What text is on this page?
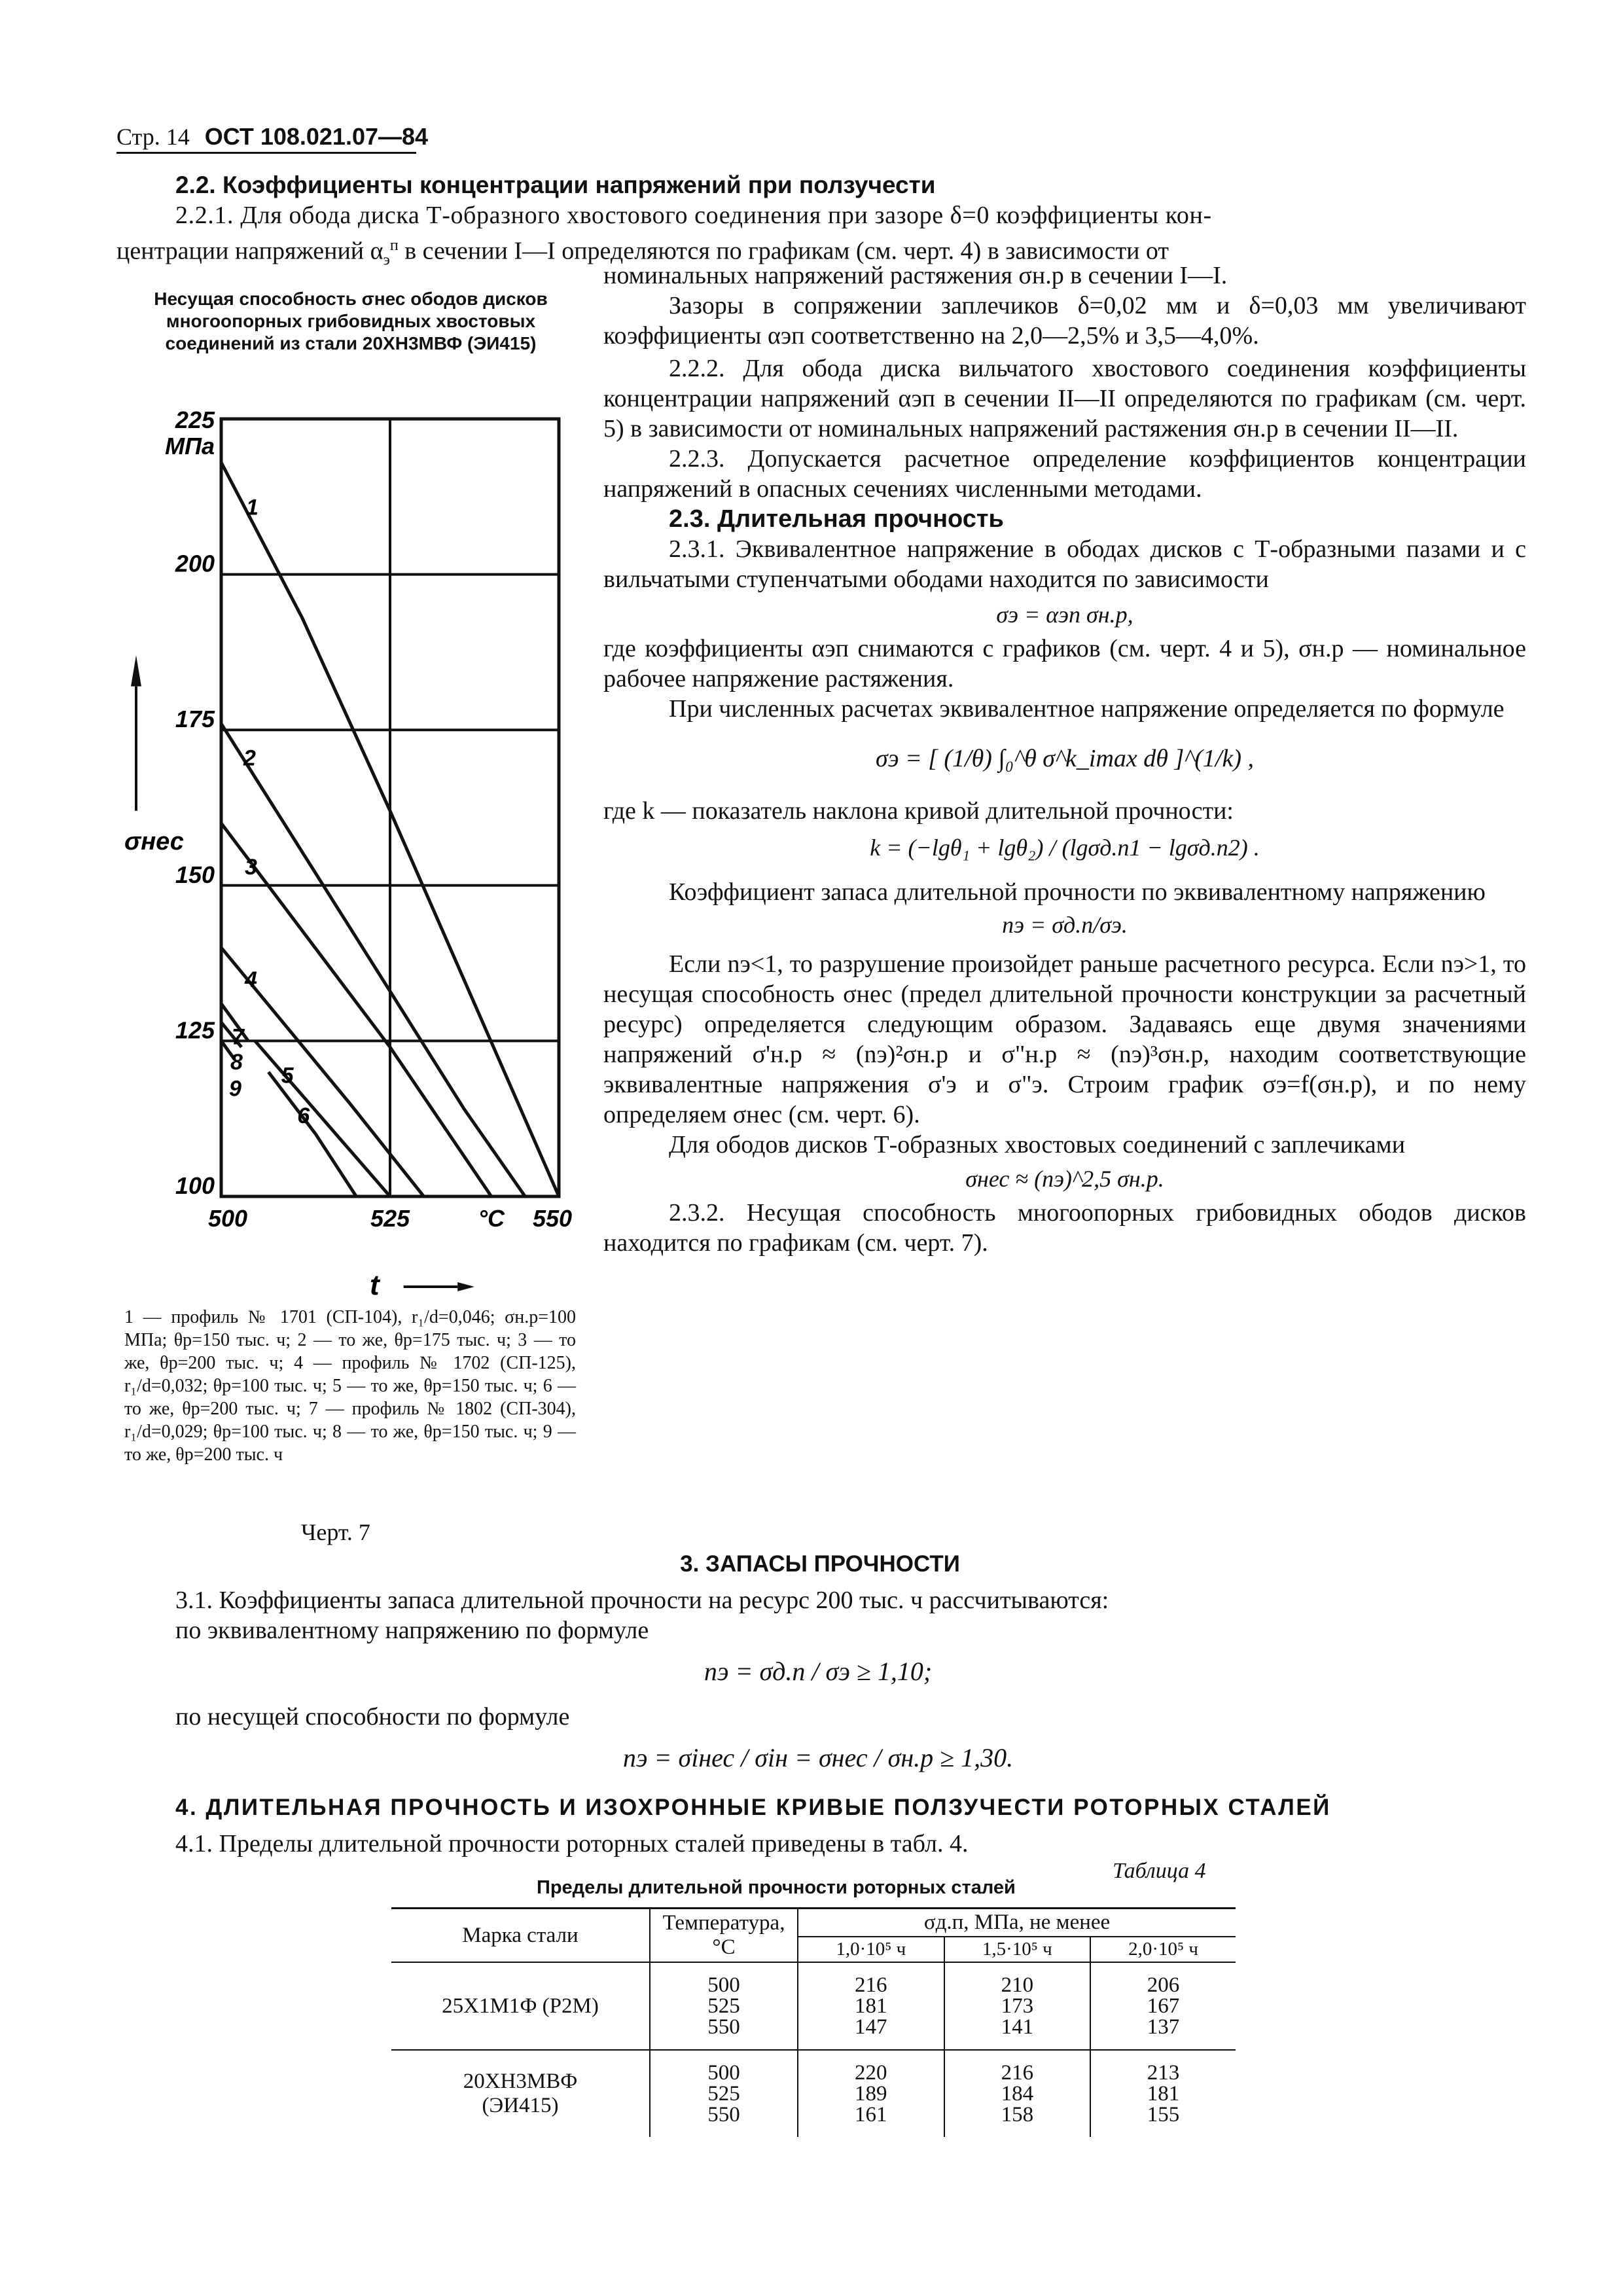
Стр. 14 ОСТ 108.021.07—84
2.2. Коэффициенты концентрации напряжений при ползучести
2.2.1. Для обода диска Т-образного хвостового соединения при зазоре δ=0 коэффициенты кон-
центрации напряжений $\alpha_э^п$ в сечении I—I определяются по графикам (см. черт. 4) в зависимости от
номинальных напряжений растяжения σн.р в сечении I—I.
Зазоры в сопряжении заплечиков δ=0,02 мм и δ=0,03 мм увеличивают коэффициенты αэп соответственно на 2,0—2,5% и 3,5—4,0%.
2.2.2. Для обода диска вильчатого хвостового соединения коэффициенты концентрации напряжений αэп в сечении II—II определяются по графикам (см. черт. 5) в зависимости от номинальных напряжений растяжения σн.р в сечении II—II.
2.2.3. Допускается расчетное определение коэффициентов концентрации напряжений в опасных сечениях численными методами.
2.3. Длительная прочность
2.3.1. Эквивалентное напряжение в ободах дисков с Т-образными пазами и с вильчатыми ступенчатыми ободами находится по зависимости
σэ = αэп σн.р,
где коэффициенты αэп снимаются с графиков (см. черт. 4 и 5), σн.р — номинальное рабочее напряжение растяжения.
При численных расчетах эквивалентное напряжение определяется по формуле
σэ = [ (1/θ) ∫₀^θ σ^k_imax dθ ]^(1/k) ,
где k — показатель наклона кривой длительной прочности:
k = (−lgθ₁ + lgθ₂) / (lgσд.п1 − lgσд.п2) .
Коэффициент запаса длительной прочности по эквивалентному напряжению
nэ = σд.п/σэ.
Если nэ<1, то разрушение произойдет раньше расчетного ресурса. Если nэ>1, то несущая способность σнес (предел длительной прочности конструкции за расчетный ресурс) определяется следующим образом. Задаваясь еще двумя значениями напряжений σ'н.р ≈ (nэ)²σн.р и σ"н.р ≈ (nэ)³σн.р, находим соответствующие эквивалентные напряжения σ'э и σ"э. Строим график σэ=f(σн.р), и по нему определяем σнес (см. черт. 6).
Для ободов дисков Т-образных хвостовых соединений с заплечиками
σнес ≈ (nэ)^2,5 σн.р.
2.3.2. Несущая способность многоопорных грибовидных ободов дисков находится по графикам (см. черт. 7).
Несущая способность σнес ободов дисков многоопорных грибовидных хвостовых соединений из стали 20ХН3МВФ (ЭИ415)
225
200
175
150
125
100
МПа
500	525	°С 550
σнес
t
1
2
3
4
5
6
7
8
9
1 — профиль № 1701 (СП-104), r₁/d=0,046; σн.р=100 МПа; θр=150 тыс. ч; 2 — то же, θр=175 тыс. ч; 3 — то же, θр=200 тыс. ч; 4 — профиль № 1702 (СП-125), r₁/d=0,032; θр=100 тыс. ч; 5 — то же, θр=150 тыс. ч; 6 — то же, θр=200 тыс. ч; 7 — профиль № 1802 (СП-304), r₁/d=0,029; θр=100 тыс. ч; 8 — то же, θр=150 тыс. ч; 9 — то же, θр=200 тыс. ч
Черт. 7
3. ЗАПАСЫ ПРОЧНОСТИ
3.1. Коэффициенты запаса длительной прочности на ресурс 200 тыс. ч рассчитываются:
по эквивалентному напряжению по формуле
nэ = σд.п / σэ ≥ 1,10;
по несущей способности по формуле
nэ = σiнес / σiн = σнес / σн.р ≥ 1,30.
4. ДЛИТЕЛЬНАЯ ПРОЧНОСТЬ И ИЗОХРОННЫЕ КРИВЫЕ ПОЛЗУЧЕСТИ РОТОРНЫХ СТАЛЕЙ
4.1. Пределы длительной прочности роторных сталей приведены в табл. 4.
Таблица 4
Пределы длительной прочности роторных сталей
Марка стали	Температура, °С	σд.п, МПа, не менее		
		1,0·10⁵ ч	1,5·10⁵ ч	2,0·10⁵ ч
25Х1М1Ф (Р2М)	500
525
550	216
181
147	210
173
141	206
167
137
20ХН3МВФ
(ЭИ415)	500
525
550	220
189
161	216
184
158	213
181
155
